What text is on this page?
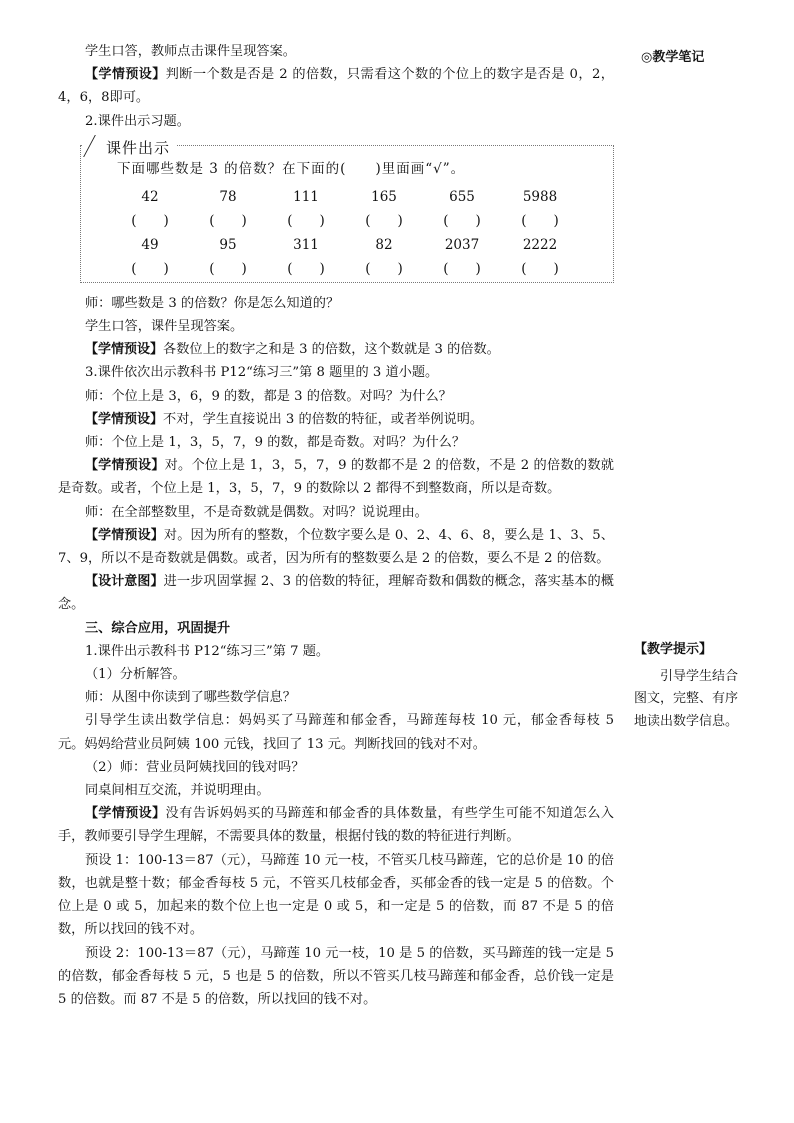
◎教学笔记
【教学提示】

引导学生结合图文，完整、有序地读出数学信息。

学生口答，教师点击课件呈现答案。

【学情预设】判断一个数是否是 2 的倍数，只需看这个数的个位上的数字是否是 0，2，4，6，8即可。

2.课件出示习题。

课件出示
下面哪些数是 3 的倍数？在下面的(　　)里面画“√”。
42	78	111	165	655	5988
(　　)	(　　)	(　　)	(　　)	(　　)	(　　)
49	95	311	82	2037	2222
(　　)	(　　)	(　　)	(　　)	(　　)	(　　)

师：哪些数是 3 的倍数？你是怎么知道的？

学生口答，课件呈现答案。

【学情预设】各数位上的数字之和是 3 的倍数，这个数就是 3 的倍数。

3.课件依次出示教科书 P12“练习三”第 8 题里的 3 道小题。

师：个位上是 3，6，9 的数，都是 3 的倍数。对吗？为什么？

【学情预设】不对，学生直接说出 3 的倍数的特征，或者举例说明。

师：个位上是 1，3，5，7，9 的数，都是奇数。对吗？为什么？

【学情预设】对。个位上是 1，3，5，7，9 的数都不是 2 的倍数，不是 2 的倍数的数就是奇数。或者，个位上是 1，3，5，7，9 的数除以 2 都得不到整数商，所以是奇数。

师：在全部整数里，不是奇数就是偶数。对吗？说说理由。

【学情预设】对。因为所有的整数，个位数字要么是 0、2、4、6、8，要么是 1、3、5、7、9，所以不是奇数就是偶数。或者，因为所有的整数要么是 2 的倍数，要么不是 2 的倍数。

【设计意图】进一步巩固掌握 2、3 的倍数的特征，理解奇数和偶数的概念，落实基本的概念。

三、综合应用，巩固提升

1.课件出示教科书 P12“练习三”第 7 题。

（1）分析解答。

师：从图中你读到了哪些数学信息？

引导学生读出数学信息：妈妈买了马蹄莲和郁金香，马蹄莲每枝 10 元，郁金香每枝 5 元。妈妈给营业员阿姨 100 元钱，找回了 13 元。判断找回的钱对不对。

（2）师：营业员阿姨找回的钱对吗？

同桌间相互交流，并说明理由。

【学情预设】没有告诉妈妈买的马蹄莲和郁金香的具体数量，有些学生可能不知道怎么入手，教师要引导学生理解，不需要具体的数量，根据付钱的数的特征进行判断。

预设 1：100-13＝87（元），马蹄莲 10 元一枝，不管买几枝马蹄莲，它的总价是 10 的倍数，也就是整十数；郁金香每枝 5 元，不管买几枝郁金香，买郁金香的钱一定是 5 的倍数。个位上是 0 或 5，加起来的数个位上也一定是 0 或 5，和一定是 5 的倍数，而 87 不是 5 的倍数，所以找回的钱不对。

预设 2：100-13＝87（元），马蹄莲 10 元一枝，10 是 5 的倍数，买马蹄莲的钱一定是 5 的倍数，郁金香每枝 5 元，5 也是 5 的倍数，所以不管买几枝马蹄莲和郁金香，总价钱一定是 5 的倍数。而 87 不是 5 的倍数，所以找回的钱不对。
